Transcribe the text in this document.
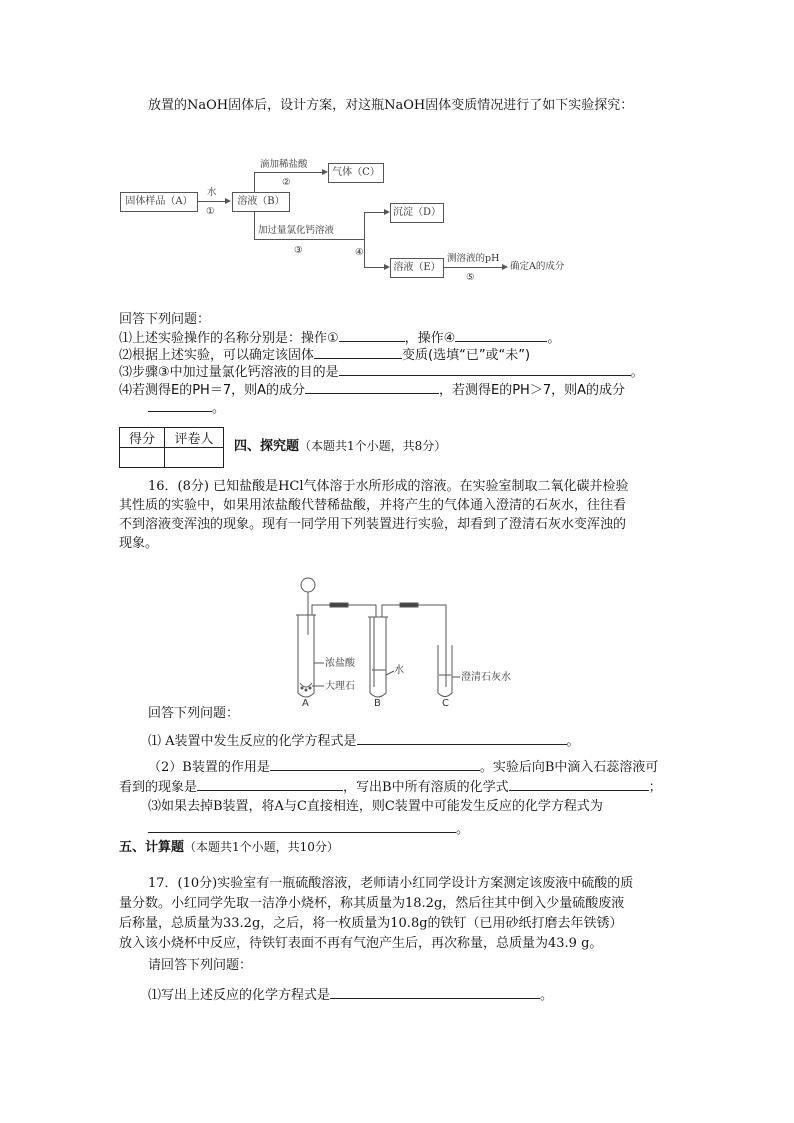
放置的NaOH固体后，设计方案，对这瓶NaOH固体变质情况进行了如下实验探究：
固体样品（A）
水
①
溶液（B）
滴加稀盐酸
②
气体（C）
加过量氯化钙溶液
③	④
沉淀（D）
溶液（E）
测溶液的pH
⑤
确定A的成分
回答下列问题：
⑴上述实验操作的名称分别是：操作①	，操作④	。
⑵根据上述实验，可以确定该固体	变质(选填“已”或“未”)
⑶步骤③中加过量氯化钙溶液的目的是	。
⑷若测得E的PH＝7，则A的成分	，若测得E的PH＞7，则A的成分
。
得分	评卷人

四、探究题（本题共1个小题，共8分）
16．(8分) 已知盐酸是HCl气体溶于水所形成的溶液。在实验室制取二氧化碳并检验
其性质的实验中，如果用浓盐酸代替稀盐酸，并将产生的气体通入澄清的石灰水，往往看
不到溶液变浑浊的现象。现有一同学用下列装置进行实验，却看到了澄清石灰水变浑浊的
现象。
浓盐酸
大理石
水
澄清石灰水
A	B	C
回答下列问题：
⑴ A装置中发生反应的化学方程式是	。
（2）B装置的作用是	。实验后向B中滴入石蕊溶液可
看到的现象是	，写出B中所有溶质的化学式	；
⑶如果去掉B装置，将A与C直接相连，则C装置中可能发生反应的化学方程式为
。
五、计算题（本题共1个小题，共10分）
17．(10分)实验室有一瓶硫酸溶液，老师请小红同学设计方案测定该废液中硫酸的质
量分数。小红同学先取一洁净小烧杯，称其质量为18.2g，然后往其中倒入少量硫酸废液
后称量，总质量为33.2g，之后，将一枚质量为10.8g的铁钉（已用砂纸打磨去年铁锈）
放入该小烧杯中反应，待铁钉表面不再有气泡产生后，再次称量，总质量为43.9 g。
请回答下列问题：
⑴写出上述反应的化学方程式是	。
